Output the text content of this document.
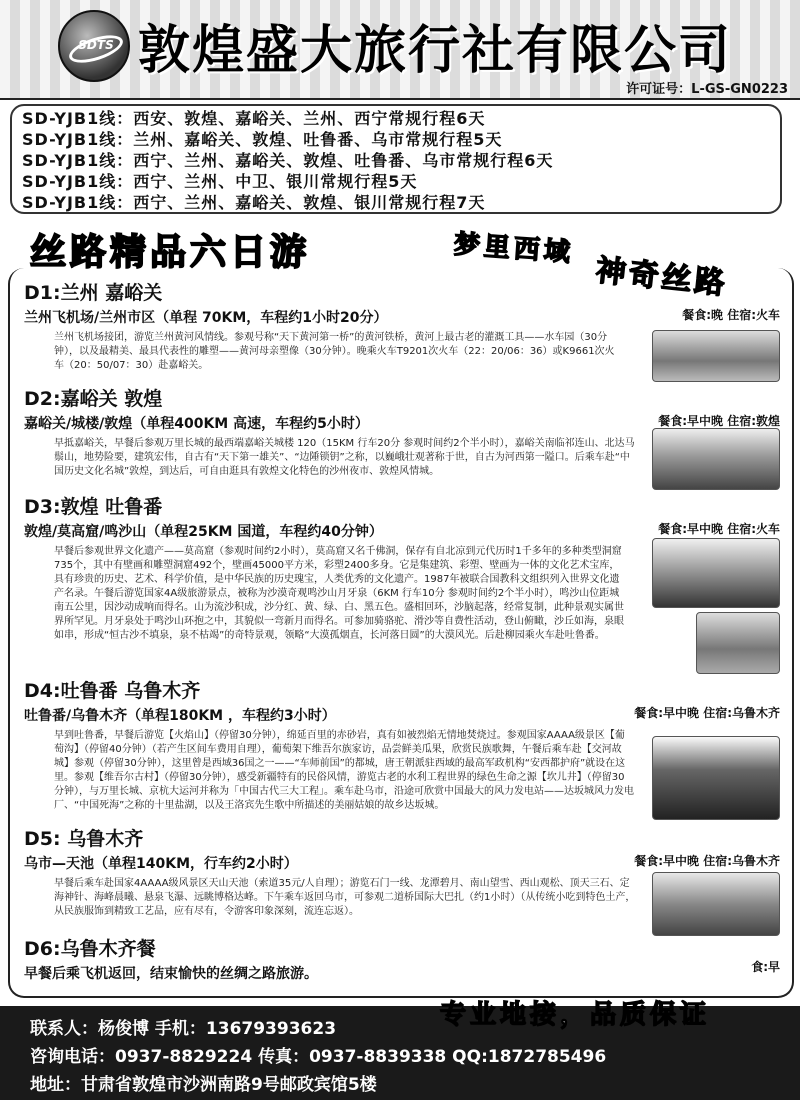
SDTS 敦煌盛大旅行社有限公司
许可证号：L-GS-GN0223
SD-YJB1线：西安、敦煌、嘉峪关、兰州、西宁常规行程6天
SD-YJB1线：兰州、嘉峪关、敦煌、吐鲁番、乌市常规行程5天
SD-YJB1线：西宁、兰州、嘉峪关、敦煌、吐鲁番、乌市常规行程6天
SD-YJB1线：西宁、兰州、中卫、银川常规行程5天
SD-YJB1线：西宁、兰州、嘉峪关、敦煌、银川常规行程7天
丝路精品六日游	梦里西域
神奇丝路
D1:兰州 嘉峪关
兰州飞机场/兰州市区（单程 70KM，车程约1小时20分）	餐食:晚 住宿:火车
兰州飞机场接团，游览兰州黄河风情线。参观号称“天下黄河第一桥”的黄河铁桥，黄河上最古老的灌溉工具——水车园（30分钟），以及最精美、最具代表性的雕塑——黄河母亲塑像（30分钟）。晚乘火车T9201次火车（22：20/06：36）或K9661次火车（20：50/07：30）赴嘉峪关。
D2:嘉峪关 敦煌
嘉峪关/城楼/敦煌（单程400KM 高速，车程约5小时）	餐食:早中晚 住宿:敦煌
早抵嘉峪关，早餐后参观万里长城的最西端嘉峪关城楼 120（15KM 行车20分 参观时间约2个半小时），嘉峪关南临祁连山、北达马鬃山，地势险要，建筑宏伟，自古有“天下第一雄关”、“边陲锁钥”之称，以巍峨壮观著称于世，自古为河西第一隘口。后乘车赴“中国历史文化名城”敦煌，到达后，可自由逛具有敦煌文化特色的沙州夜市、敦煌风情城。
D3:敦煌 吐鲁番
敦煌/莫高窟/鸣沙山（单程25KM 国道，车程约40分钟）	餐食:早中晚 住宿:火车
早餐后参观世界文化遗产——莫高窟（参观时间约2小时），莫高窟又名千佛洞，保存有自北凉到元代历时1千多年的多种类型洞窟735个，其中有壁画和雕塑洞窟492个，壁画45000平方米，彩塑2400多身。它是集建筑、彩塑、壁画为一体的文化艺术宝库，具有珍贵的历史、艺术、科学价值，是中华民族的历史瑰宝，人类优秀的文化遗产。1987年被联合国教科文组织列入世界文化遗产名录。午餐后游览国家4A级旅游景点，被称为沙漠奇观鸣沙山月牙泉（6KM 行车10分 参观时间约2个半小时），鸣沙山位距城南五公里，因沙动成响而得名。山为流沙积成，沙分红、黄、绿、白、黑五色。盛相回环，沙脑起落，经常复制，此种景观实属世界所罕见。月牙泉处于鸣沙山环抱之中，其貌似一弯新月而得名。可参加骑骆驼、滑沙等自费性活动，登山俯瞰，沙丘如海，泉眼如串，形成“恒古沙不填泉，泉不枯竭”的奇特景观，领略“大漠孤烟直，长河落日圆”的大漠风光。后赴柳园乘火车赴吐鲁番。
D4:吐鲁番 乌鲁木齐
吐鲁番/乌鲁木齐（单程180KM ，车程约3小时）	餐食:早中晚 住宿:乌鲁木齐
早到吐鲁番，早餐后游览【火焰山】（停留30分钟），绵延百里的赤砂岩，真有如被烈焰无情地焚烧过。参观国家AAAA级景区【葡萄沟】（停留40分钟）（若产生区间车费用自理），葡萄架下维吾尔族家访，品尝鲜美瓜果，欣赏民族歌舞，午餐后乘车赴【交河故城】参观（停留30分钟），这里曾是西域36国之一——“车师前国”的都城，唐王朝派驻西域的最高军政机构“安西都护府”就设在这里。参观【维吾尔古村】（停留30分钟），感受新疆特有的民俗风情，游览古老的水利工程世界的绿色生命之源【坎儿井】（停留30分钟），与万里长城、京杭大运河并称为「中国古代三大工程」。乘车赴乌市，沿途可欣赏中国最大的风力发电站——达坂城风力发电厂、“中国死海”之称的十里盐湖，以及王洛宾先生歌中所描述的美丽姑娘的故乡达坂城。
D5: 乌鲁木齐
乌市—天池（单程140KM，行车约2小时）	餐食:早中晚 住宿:乌鲁木齐
早餐后乘车赴国家4AAAA级风景区天山天池（索道35元/人自理）；游览石门一线、龙潭碧月、南山望雪、西山观松、顶天三石、定海神针、海峰晨曦、悬泉飞瀑、远眺博格达峰。下午乘车返回乌市，可参观二道桥国际大巴扎（约1小时）（从传统小吃到特色土产，从民族服饰到精致工艺品，应有尽有，令游客印象深刻，流连忘返）。
D6:乌鲁木齐餐
早餐后乘飞机返回，结束愉快的丝绸之路旅游。	食:早
联系人：杨俊博 手机：13679393623
咨询电话：0937-8829224 传真：0937-8839338 QQ:1872785496
地址：甘肃省敦煌市沙洲南路9号邮政宾馆5楼
专业地接，品质保证
